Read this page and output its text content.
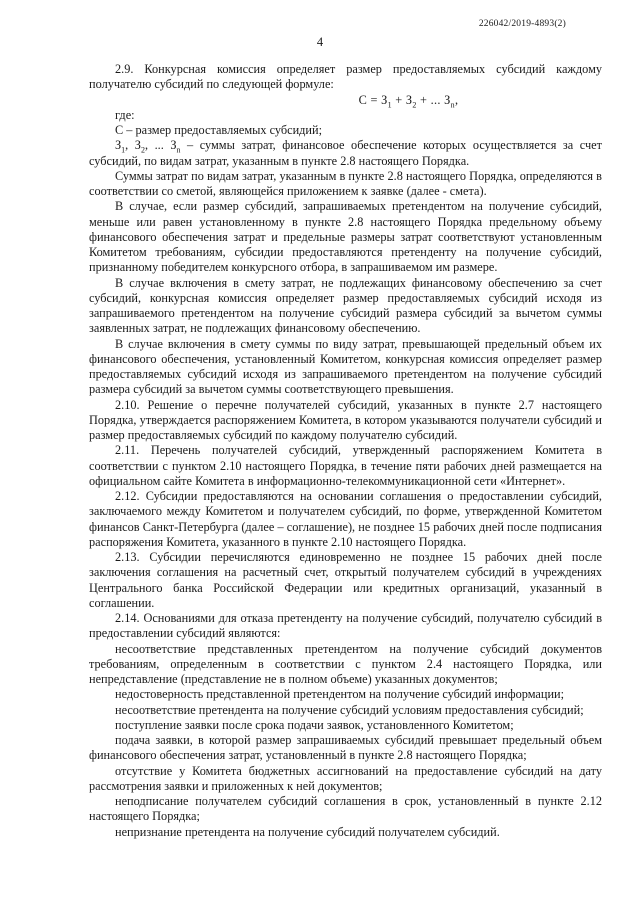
226042/2019-4893(2)
4

2.9. Конкурсная комиссия определяет размер предоставляемых субсидий каждому получателю субсидий по следующей формуле:

$С = З_1 + З_2$ + ... $З_n$,

где:

С – размер предоставляемых субсидий;

$З_1$, $З_2$, ... $З_n$ – суммы затрат, финансовое обеспечение которых осуществляется за счет субсидий, по видам затрат, указанным в пункте 2.8 настоящего Порядка.

Суммы затрат по видам затрат, указанным в пункте 2.8 настоящего Порядка, определяются в соответствии со сметой, являющейся приложением к заявке (далее - смета).

В случае, если размер субсидий, запрашиваемых претендентом на получение субсидий, меньше или равен установленному в пункте 2.8 настоящего Порядка предельному объему финансового обеспечения затрат и предельные размеры затрат соответствуют установленным Комитетом требованиям, субсидии предоставляются претенденту на получение субсидий, признанному победителем конкурсного отбора, в запрашиваемом им размере.

В случае включения в смету затрат, не подлежащих финансовому обеспечению за счет субсидий, конкурсная комиссия определяет размер предоставляемых субсидий исходя из запрашиваемого претендентом на получение субсидий размера субсидий за вычетом суммы заявленных затрат, не подлежащих финансовому обеспечению.

В случае включения в смету суммы по виду затрат, превышающей предельный объем их финансового обеспечения, установленный Комитетом, конкурсная комиссия определяет размер предоставляемых субсидий исходя из запрашиваемого претендентом на получение субсидий размера субсидий за вычетом суммы соответствующего превышения.

2.10. Решение о перечне получателей субсидий, указанных в пункте 2.7 настоящего Порядка, утверждается распоряжением Комитета, в котором указываются получатели субсидий и размер предоставляемых субсидий по каждому получателю субсидий.

2.11. Перечень получателей субсидий, утвержденный распоряжением Комитета в соответствии с пунктом 2.10 настоящего Порядка, в течение пяти рабочих дней размещается на официальном сайте Комитета в информационно-телекоммуникационной сети «Интернет».

2.12. Субсидии предоставляются на основании соглашения о предоставлении субсидий, заключаемого между Комитетом и получателем субсидий, по форме, утвержденной Комитетом финансов Санкт-Петербурга (далее – соглашение), не позднее 15 рабочих дней после подписания распоряжения Комитета, указанного в пункте 2.10 настоящего Порядка.

2.13. Субсидии перечисляются единовременно не позднее 15 рабочих дней после заключения соглашения на расчетный счет, открытый получателем субсидий в учреждениях Центрального банка Российской Федерации или кредитных организаций, указанный в соглашении.

2.14. Основаниями для отказа претенденту на получение субсидий, получателю субсидий в предоставлении субсидий являются:

несоответствие представленных претендентом на получение субсидий документов требованиям, определенным в соответствии с пунктом 2.4 настоящего Порядка, или непредставление (представление не в полном объеме) указанных документов;

недостоверность представленной претендентом на получение субсидий информации;

несоответствие претендента на получение субсидий условиям предоставления субсидий;

поступление заявки после срока подачи заявок, установленного Комитетом;

подача заявки, в которой размер запрашиваемых субсидий превышает предельный объем финансового обеспечения затрат, установленный в пункте 2.8 настоящего Порядка;

отсутствие у Комитета бюджетных ассигнований на предоставление субсидий на дату рассмотрения заявки и приложенных к ней документов;

неподписание получателем субсидий соглашения в срок, установленный в пункте 2.12 настоящего Порядка;

непризнание претендента на получение субсидий получателем субсидий.
